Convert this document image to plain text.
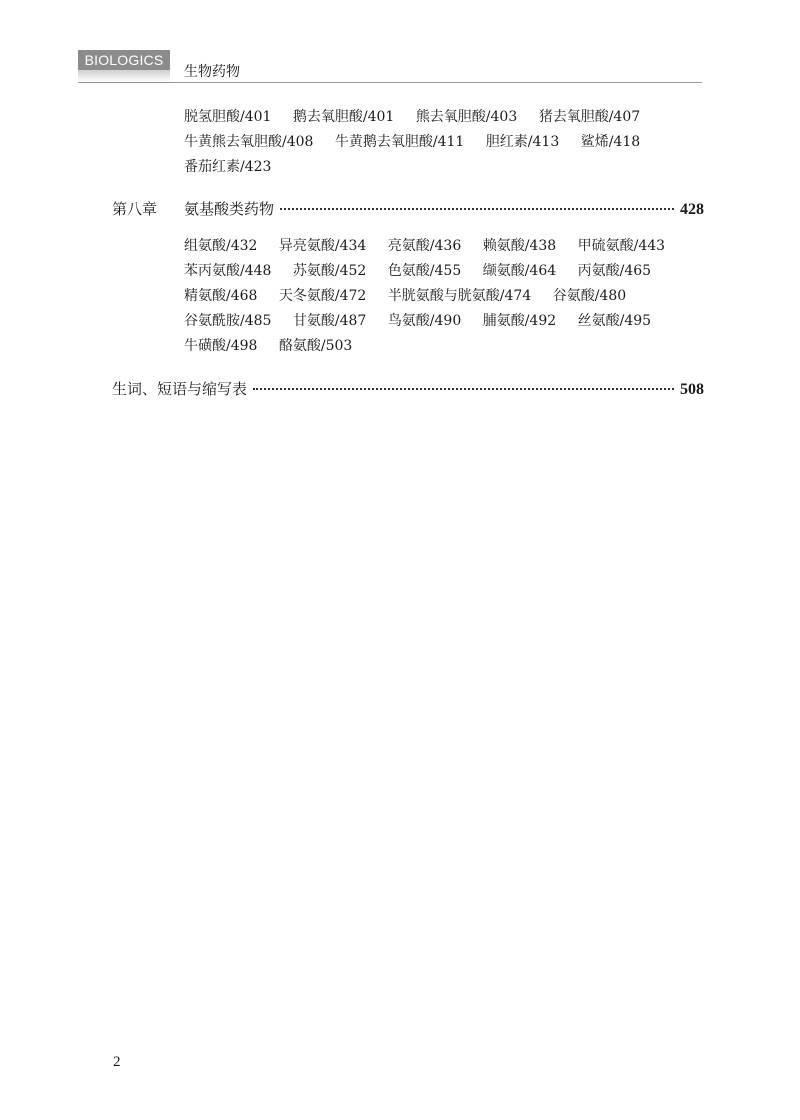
BIOLOGICS
生物药物
脱氢胆酸/401 鹅去氧胆酸/401 熊去氧胆酸/403 猪去氧胆酸/407
牛黄熊去氧胆酸/408 牛黄鹅去氧胆酸/411 胆红素/413 鲨烯/418
番茄红素/423
第八章	氨基酸类药物	428
组氨酸/432 异亮氨酸/434 亮氨酸/436 赖氨酸/438 甲硫氨酸/443
苯丙氨酸/448 苏氨酸/452 色氨酸/455 缬氨酸/464 丙氨酸/465
精氨酸/468 天冬氨酸/472 半胱氨酸与胱氨酸/474 谷氨酸/480
谷氨酰胺/485 甘氨酸/487 鸟氨酸/490 脯氨酸/492 丝氨酸/495
牛磺酸/498 酪氨酸/503
生词、短语与缩写表	508
2
